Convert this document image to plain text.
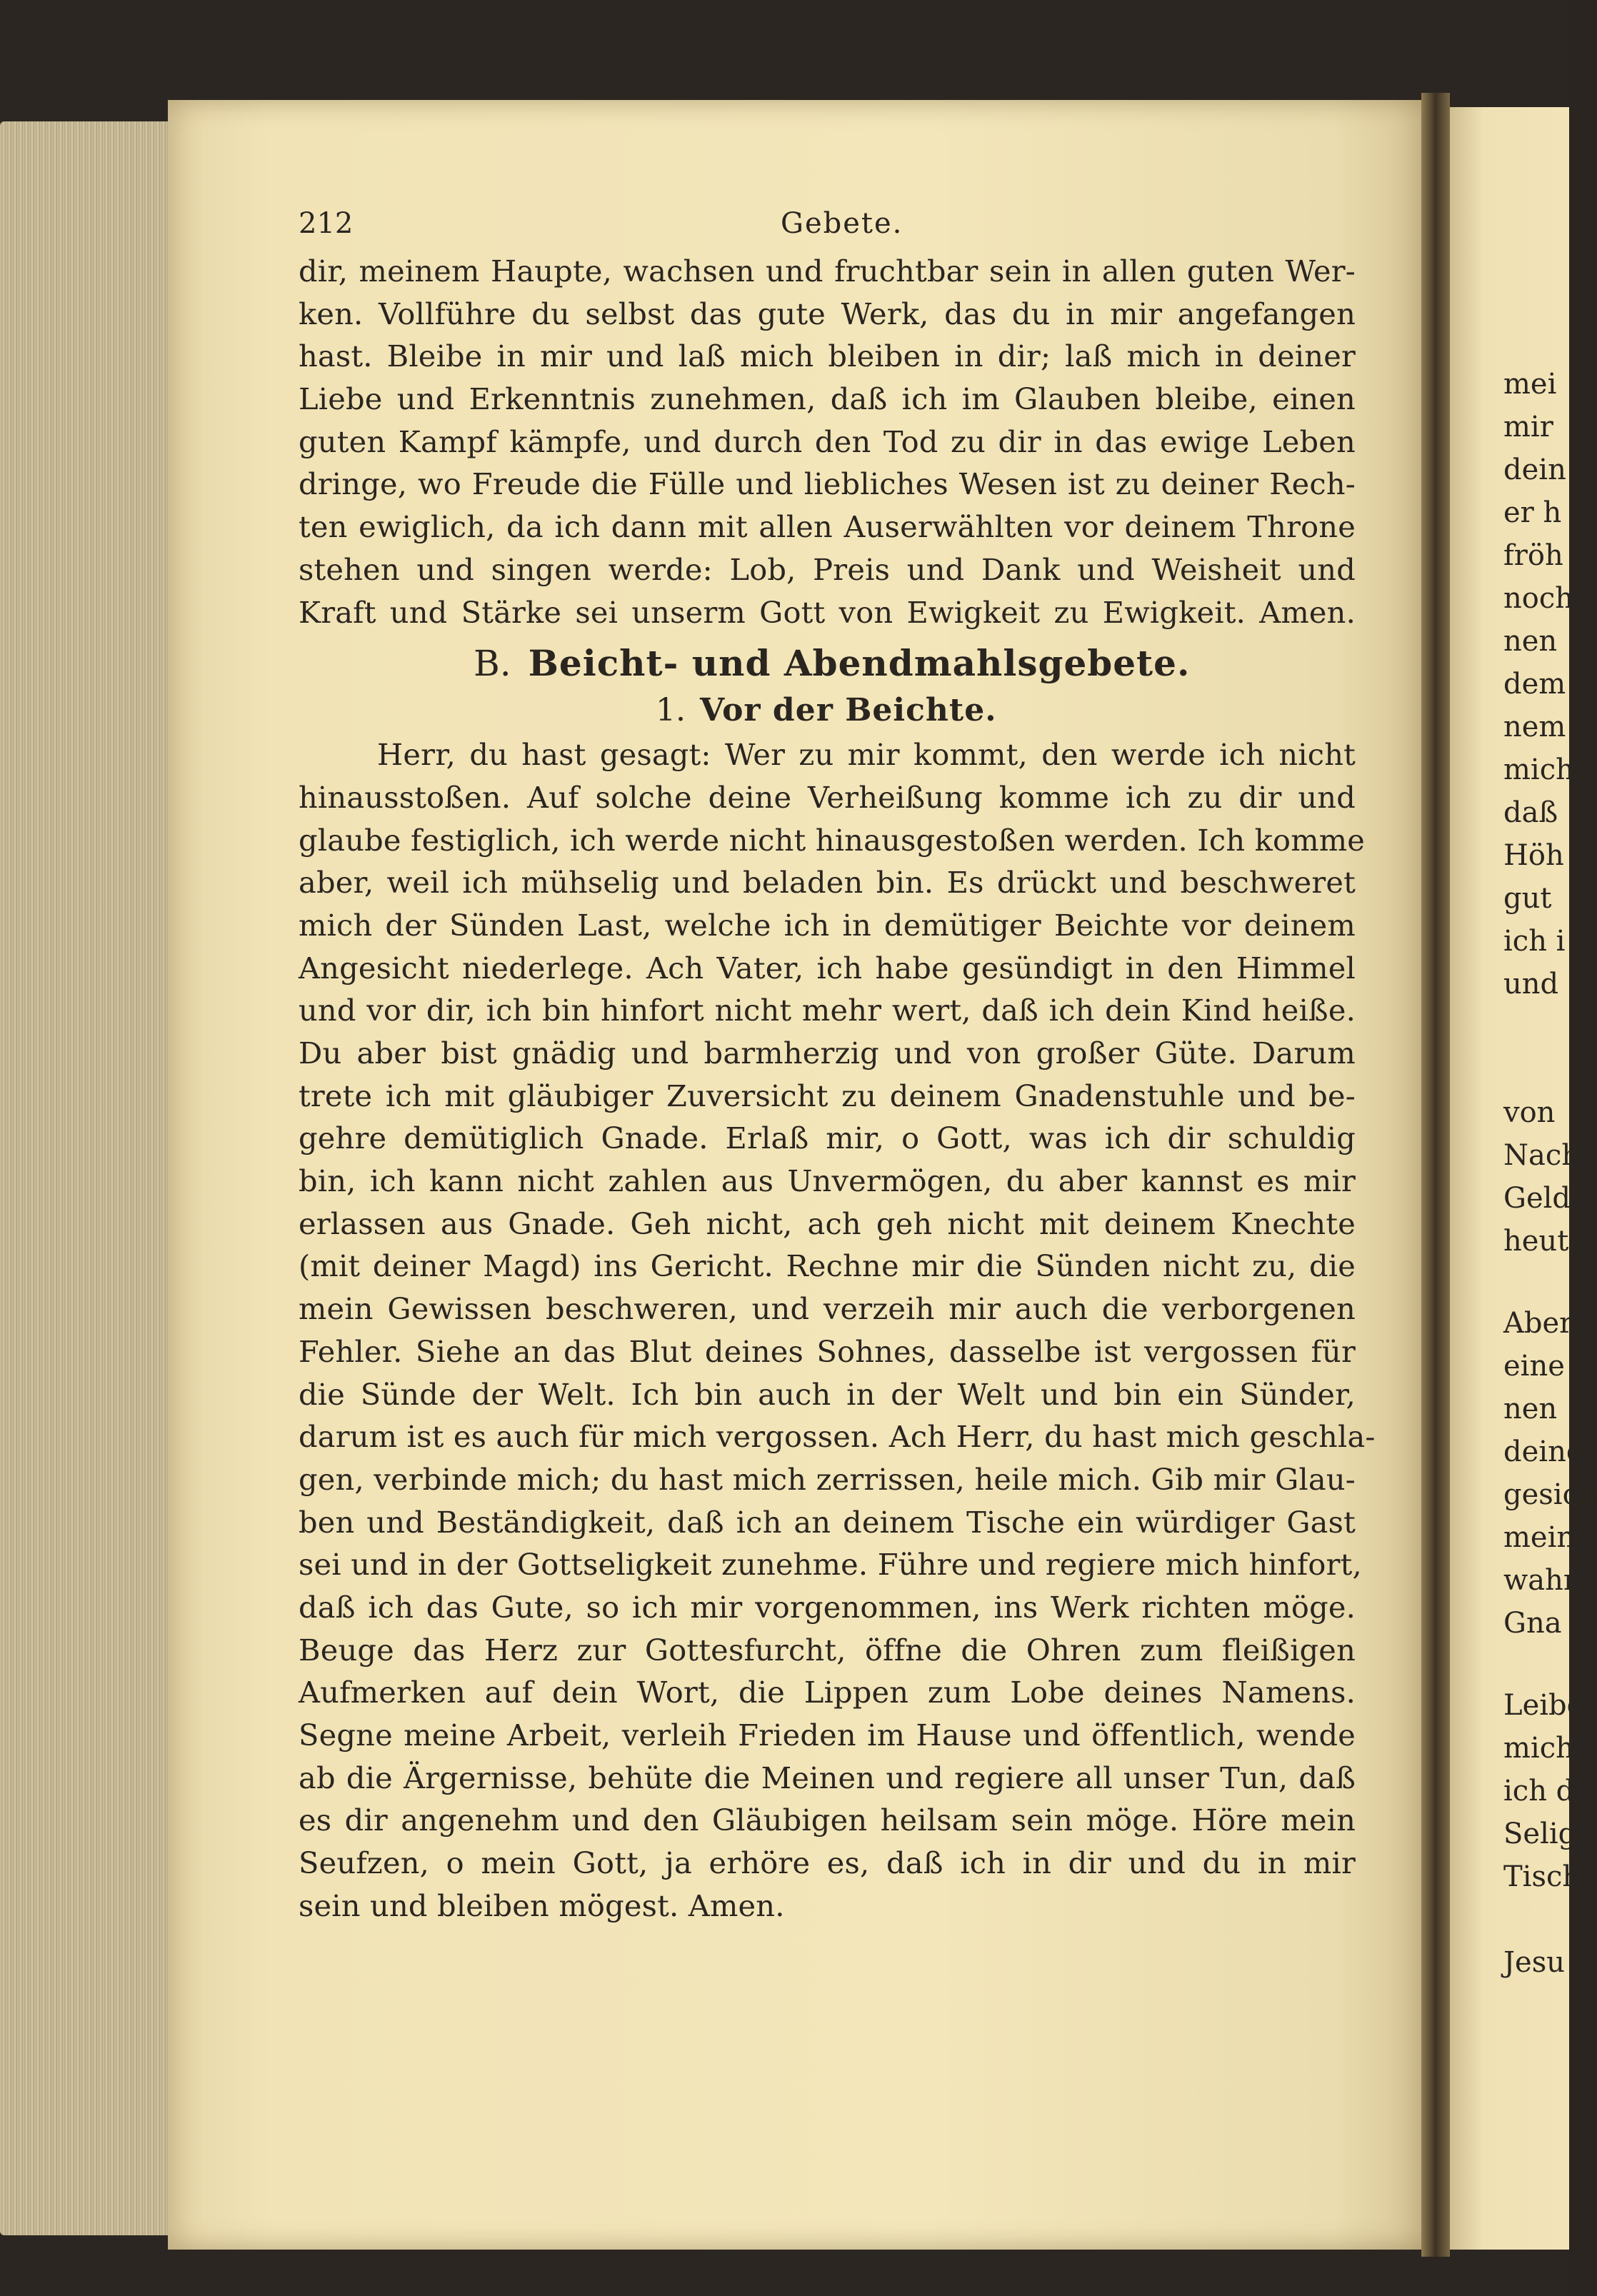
212	Gebete.
dir, meinem Haupte, wachsen und fruchtbar sein in allen guten Wer-
ken. Vollführe du selbst das gute Werk, das du in mir angefangen
hast. Bleibe in mir und laß mich bleiben in dir; laß mich in deiner
Liebe und Erkenntnis zunehmen, daß ich im Glauben bleibe, einen
guten Kampf kämpfe, und durch den Tod zu dir in das ewige Leben
dringe, wo Freude die Fülle und liebliches Wesen ist zu deiner Rech-
ten ewiglich, da ich dann mit allen Auserwählten vor deinem Throne
stehen und singen werde: Lob, Preis und Dank und Weisheit und
Kraft und Stärke sei unserm Gott von Ewigkeit zu Ewigkeit. Amen.
B. Beicht- und Abendmahlsgebete.
1. Vor der Beichte.
Herr, du hast gesagt: Wer zu mir kommt, den werde ich nicht
hinausstoßen. Auf solche deine Verheißung komme ich zu dir und
glaube festiglich, ich werde nicht hinausgestoßen werden. Ich komme
aber, weil ich mühselig und beladen bin. Es drückt und beschweret
mich der Sünden Last, welche ich in demütiger Beichte vor deinem
Angesicht niederlege. Ach Vater, ich habe gesündigt in den Himmel
und vor dir, ich bin hinfort nicht mehr wert, daß ich dein Kind heiße.
Du aber bist gnädig und barmherzig und von großer Güte. Darum
trete ich mit gläubiger Zuversicht zu deinem Gnadenstuhle und be-
gehre demütiglich Gnade. Erlaß mir, o Gott, was ich dir schuldig
bin, ich kann nicht zahlen aus Unvermögen, du aber kannst es mir
erlassen aus Gnade. Geh nicht, ach geh nicht mit deinem Knechte
(mit deiner Magd) ins Gericht. Rechne mir die Sünden nicht zu, die
mein Gewissen beschweren, und verzeih mir auch die verborgenen
Fehler. Siehe an das Blut deines Sohnes, dasselbe ist vergossen für
die Sünde der Welt. Ich bin auch in der Welt und bin ein Sünder,
darum ist es auch für mich vergossen. Ach Herr, du hast mich geschla-
gen, verbinde mich; du hast mich zerrissen, heile mich. Gib mir Glau-
ben und Beständigkeit, daß ich an deinem Tische ein würdiger Gast
sei und in der Gottseligkeit zunehme. Führe und regiere mich hinfort,
daß ich das Gute, so ich mir vorgenommen, ins Werk richten möge.
Beuge das Herz zur Gottesfurcht, öffne die Ohren zum fleißigen
Aufmerken auf dein Wort, die Lippen zum Lobe deines Namens.
Segne meine Arbeit, verleih Frieden im Hause und öffentlich, wende
ab die Ärgernisse, behüte die Meinen und regiere all unser Tun, daß
es dir angenehm und den Gläubigen heilsam sein möge. Höre mein
Seufzen, o mein Gott, ja erhöre es, daß ich in dir und du in mir
sein und bleiben mögest. Amen.
mei
mir
dein
er h
fröh
noch
nen
dem
nem
mich
daß
Höh
gut
ich i
und
von
Nach
Geld
heut
Aber
eine
nen
deine
gesich
mein
wahr
Gna
Leibe
mich
ich d
Selig
Tisch
Jesu
